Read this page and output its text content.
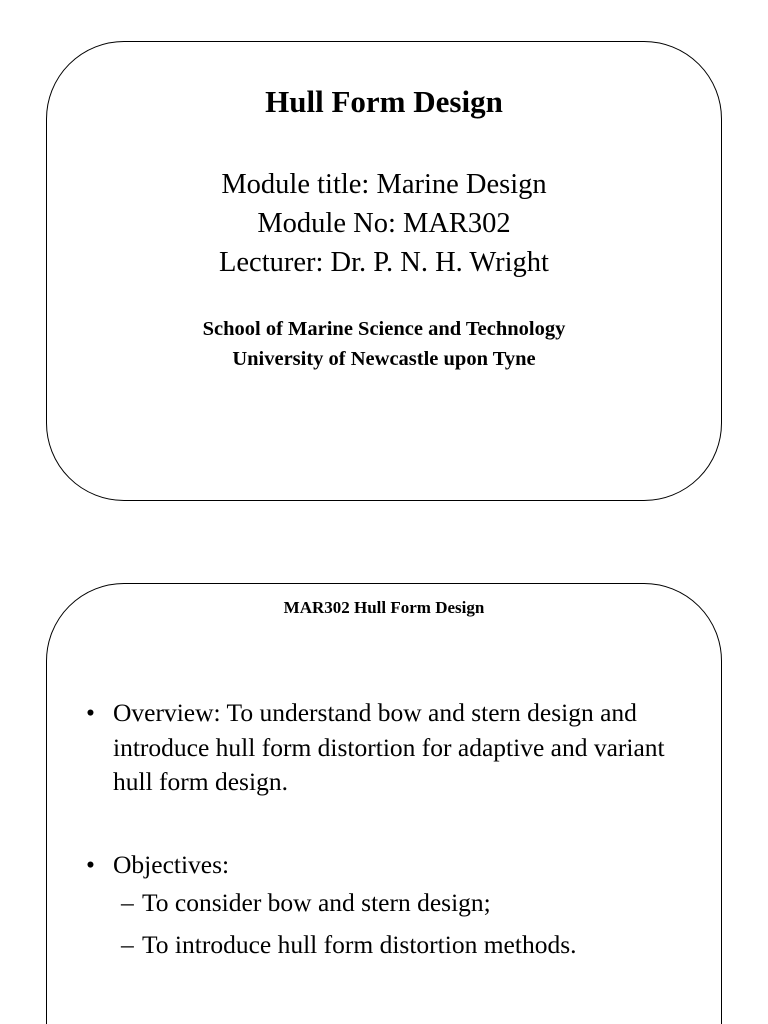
Hull Form Design
Module title: Marine Design
Module No: MAR302
Lecturer: Dr. P. N. H. Wright
School of Marine Science and Technology
University of Newcastle upon Tyne
MAR302 Hull Form Design
• Overview: To understand bow and stern design and introduce hull form distortion for adaptive and variant hull form design.
• Objectives:
– To consider bow and stern design;
– To introduce hull form distortion methods.
